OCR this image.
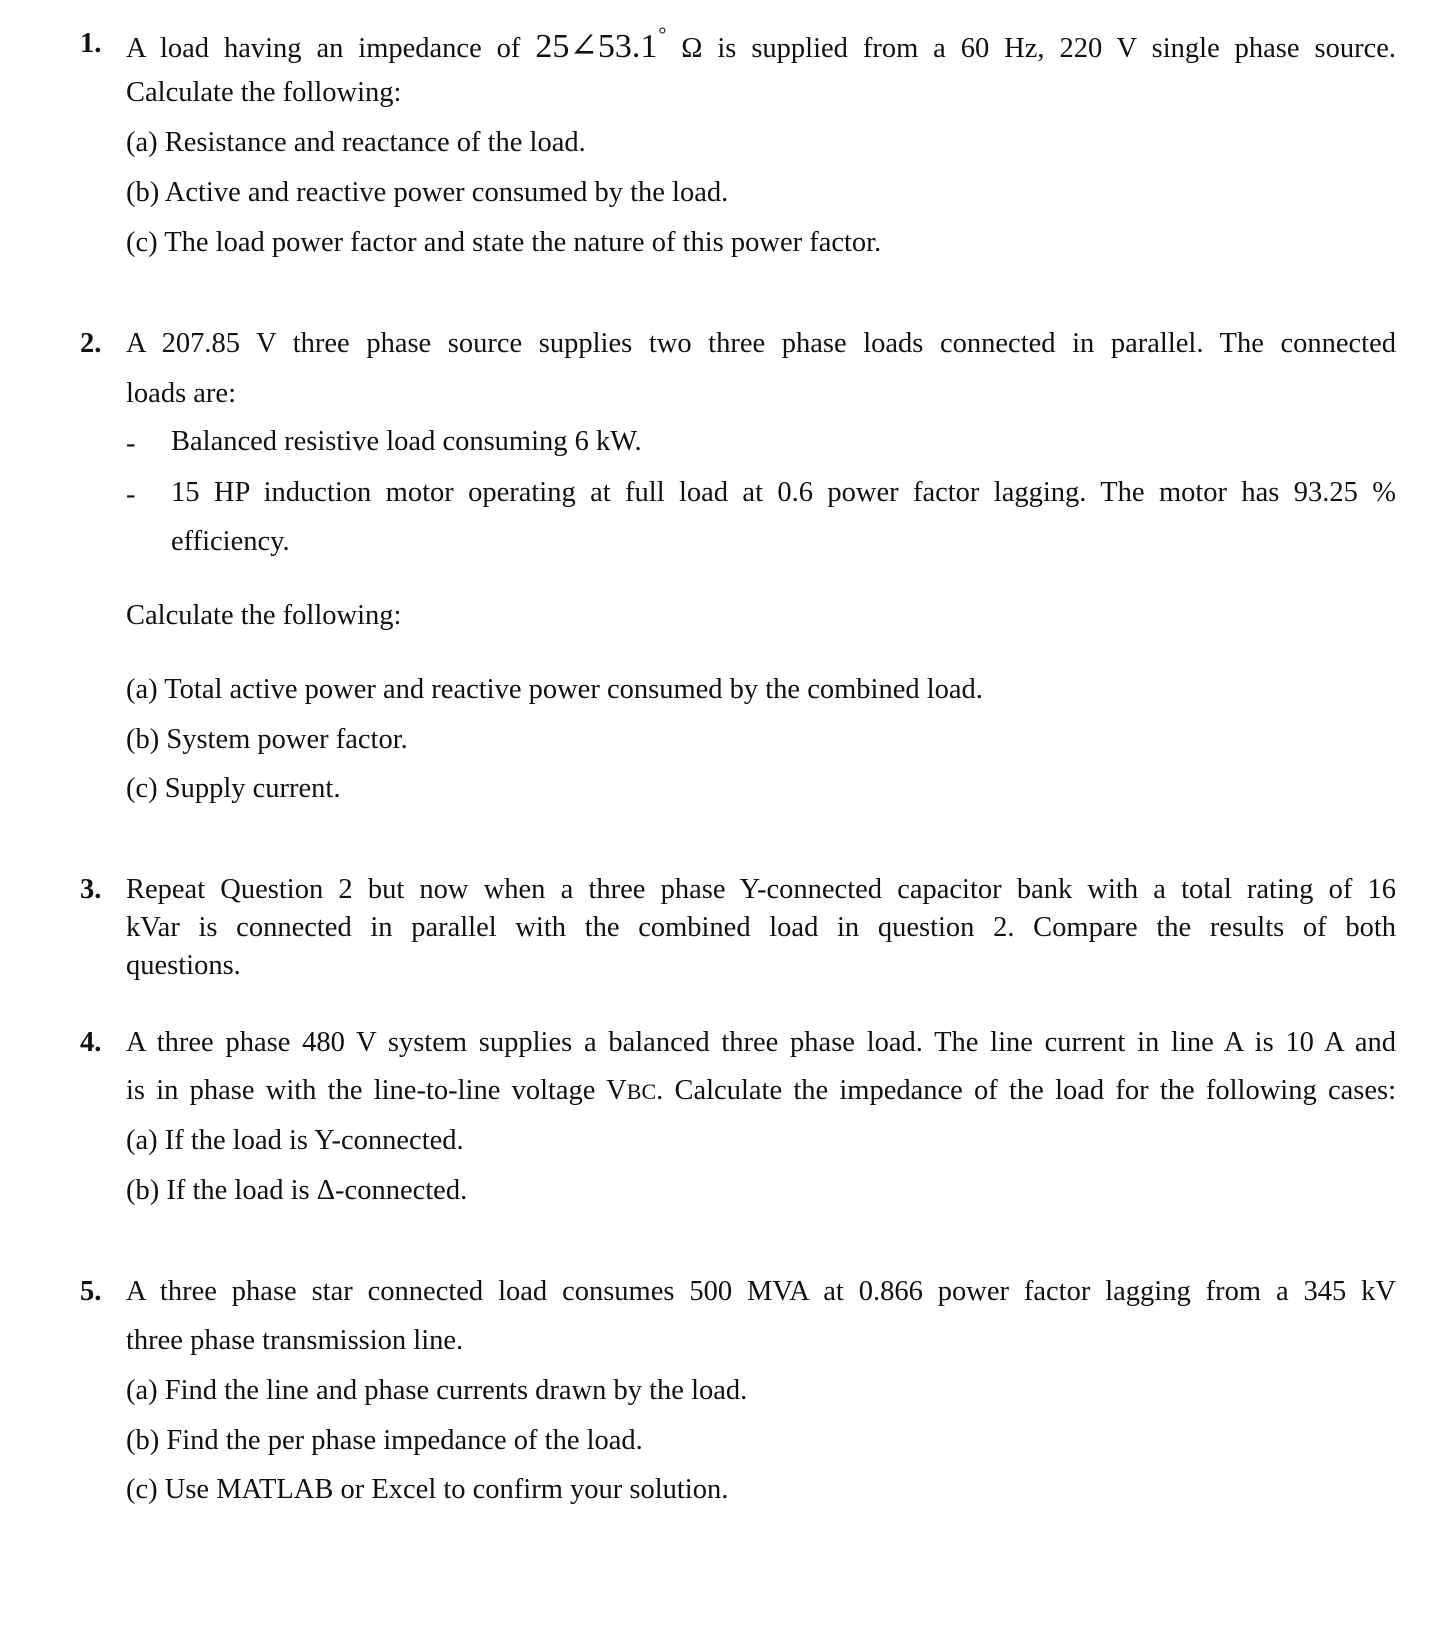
1. A load having an impedance of 25∠53.1° Ω is supplied from a 60 Hz, 220 V single phase source.
Calculate the following:
(a) Resistance and reactance of the load.
(b) Active and reactive power consumed by the load.
(c) The load power factor and state the nature of this power factor.
2. A 207.85 V three phase source supplies two three phase loads connected in parallel. The connected
loads are:
- Balanced resistive load consuming 6 kW.
- 15 HP induction motor operating at full load at 0.6 power factor lagging. The motor has 93.25 %
efficiency.
Calculate the following:
(a) Total active power and reactive power consumed by the combined load.
(b) System power factor.
(c) Supply current.
3. Repeat Question 2 but now when a three phase Y-connected capacitor bank with a total rating of 16
kVar is connected in parallel with the combined load in question 2. Compare the results of both
questions.
4. A three phase 480 V system supplies a balanced three phase load. The line current in line A is 10 A and
is in phase with the line-to-line voltage VBC. Calculate the impedance of the load for the following cases:
(a) If the load is Y-connected.
(b) If the load is Δ-connected.
5. A three phase star connected load consumes 500 MVA at 0.866 power factor lagging from a 345 kV
three phase transmission line.
(a) Find the line and phase currents drawn by the load.
(b) Find the per phase impedance of the load.
(c) Use MATLAB or Excel to confirm your solution.
